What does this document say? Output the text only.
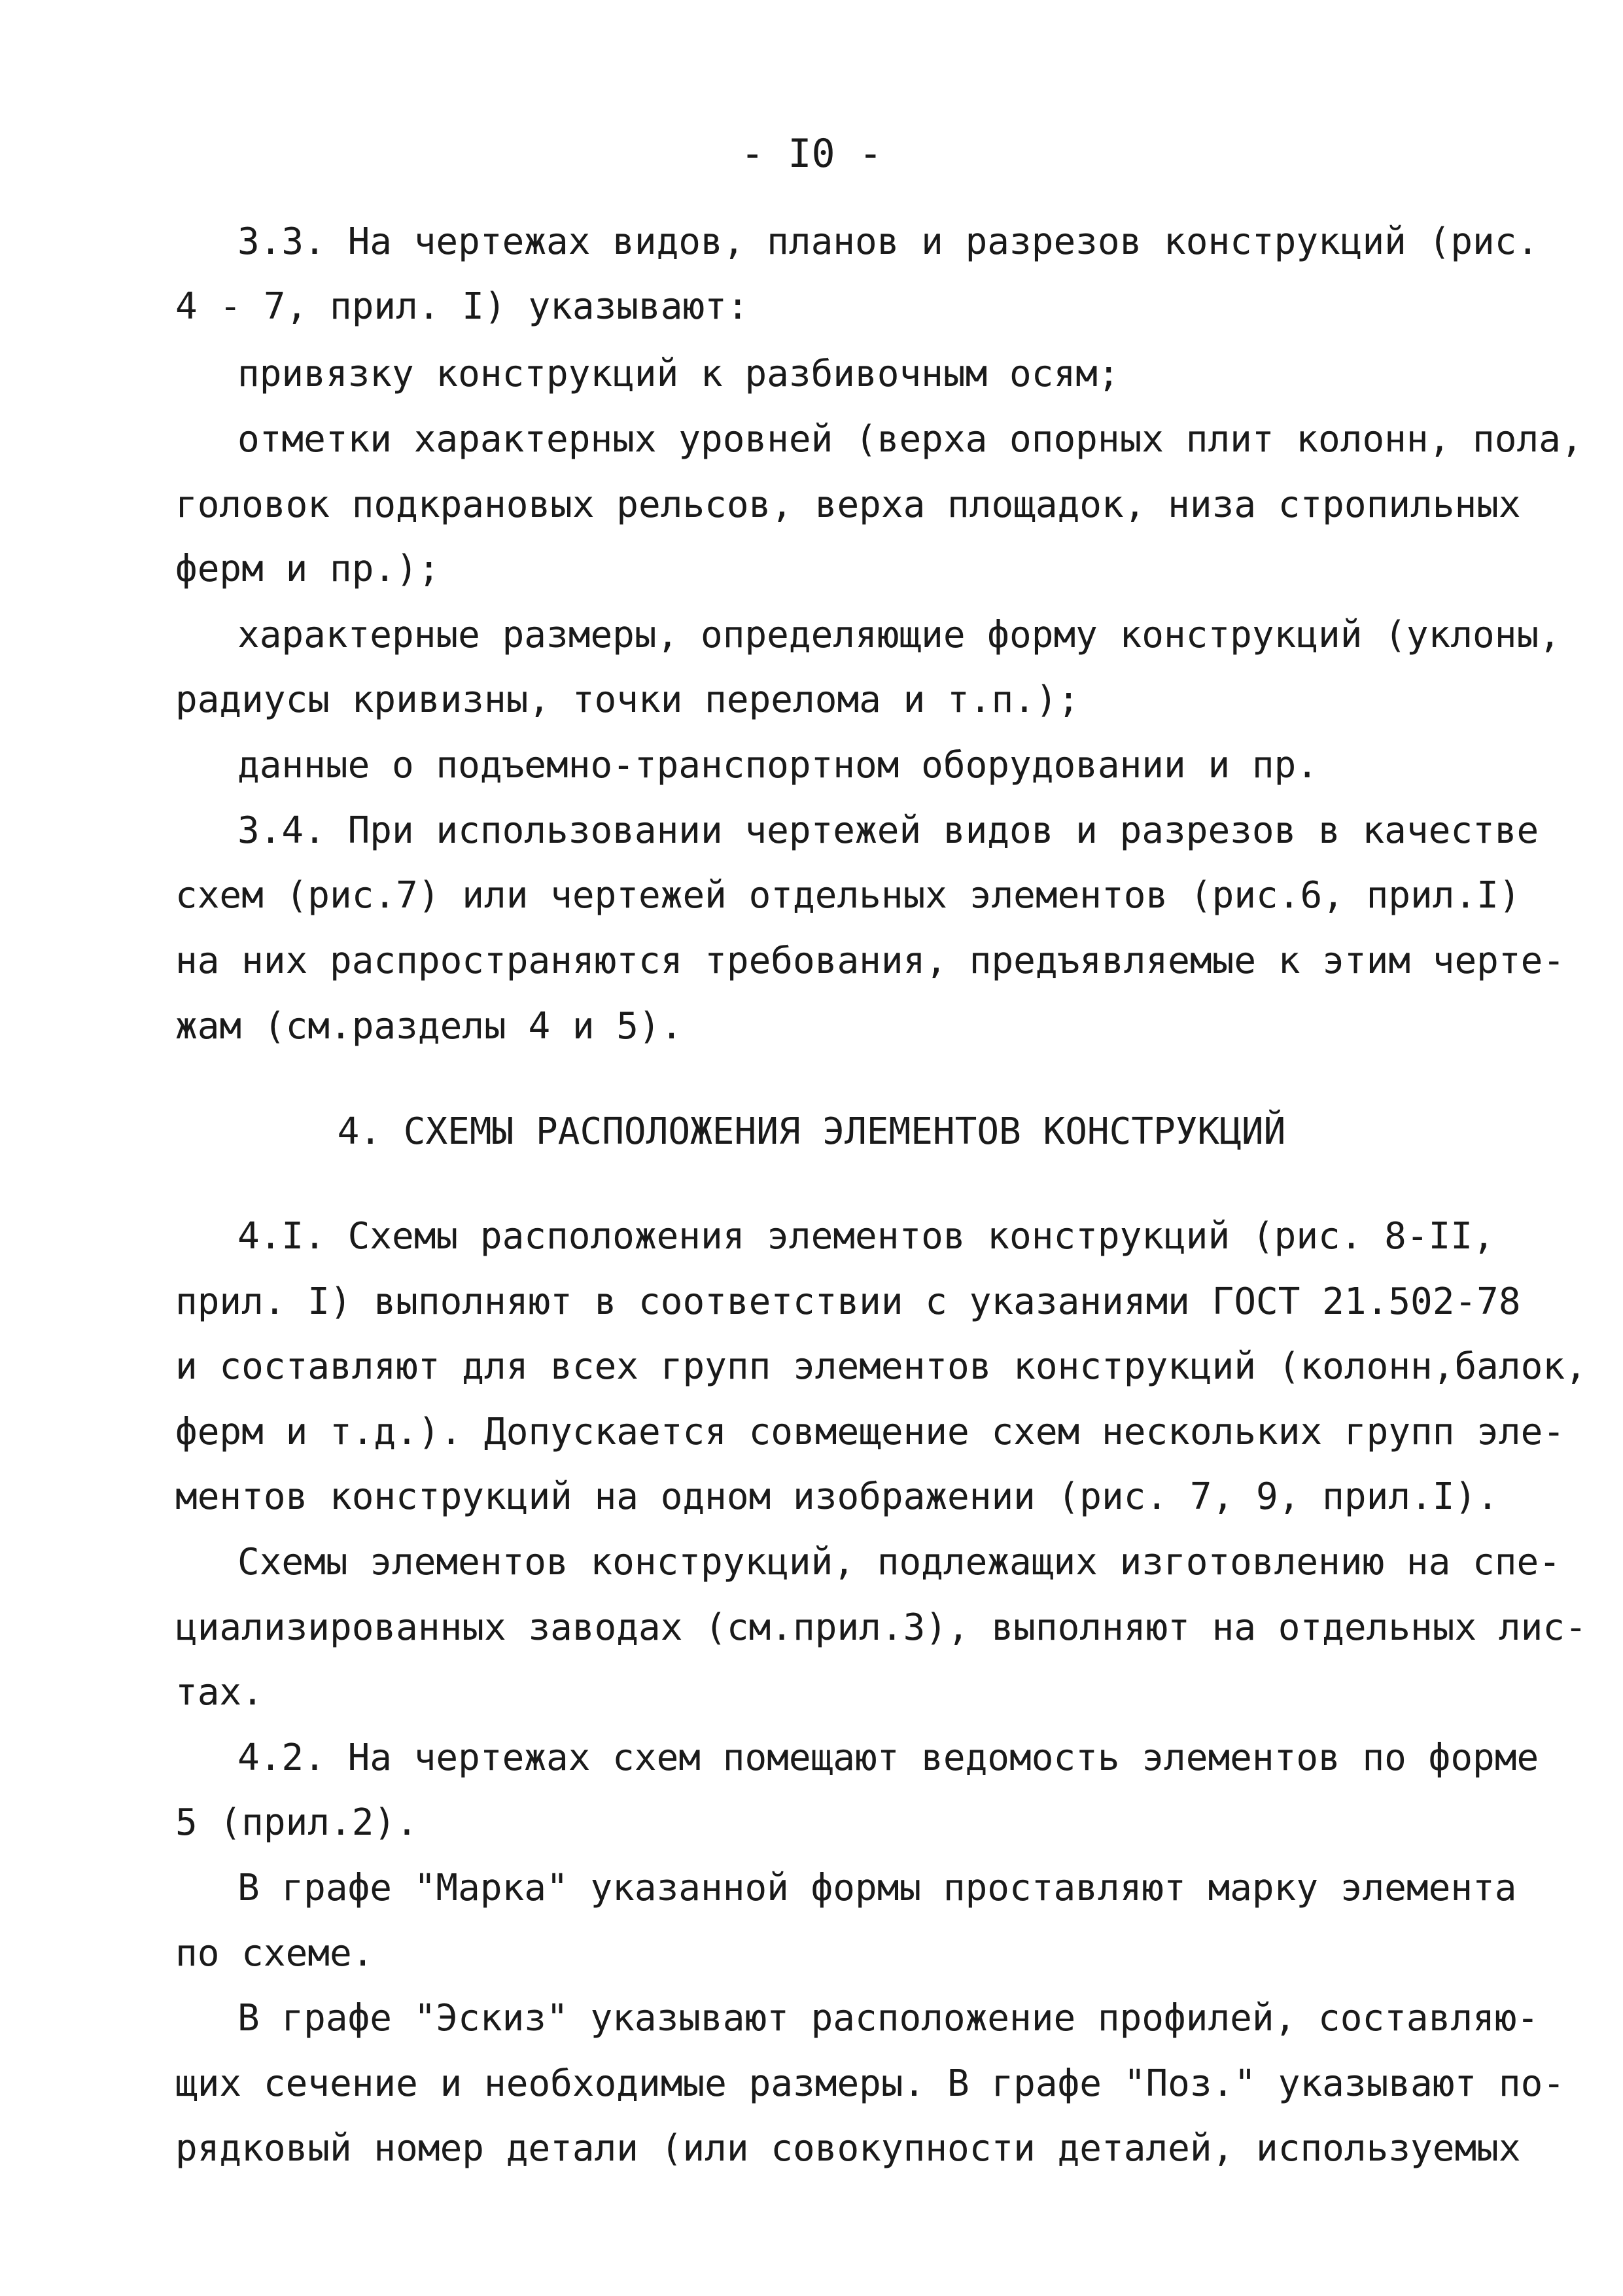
- I0 -
3.3. На чертежах видов, планов и разрезов конструкций (рис.
4 - 7, прил. I) указывают:
привязку конструкций к разбивочным осям;
отметки характерных уровней (верха опорных плит колонн, пола,
головок подкрановых рельсов, верха площадок, низа стропильных
ферм и пр.);
характерные размеры, определяющие форму конструкций (уклоны,
радиусы кривизны, точки перелома и т.п.);
данные о подъемно-транспортном оборудовании и пр.
3.4. При использовании чертежей видов и разрезов в качестве
схем (рис.7) или чертежей отдельных элементов (рис.6, прил.I)
на них распространяются требования, предъявляемые к этим черте-
жам (см.разделы 4 и 5).
4. СХЕМЫ РАСПОЛОЖЕНИЯ ЭЛЕМЕНТОВ КОНСТРУКЦИЙ
4.I. Схемы расположения элементов конструкций (рис. 8-II,
прил. I) выполняют в соответствии с указаниями ГОСТ 21.502-78
и составляют для всех групп элементов конструкций (колонн,балок,
ферм и т.д.). Допускается совмещение схем нескольких групп эле-
ментов конструкций на одном изображении (рис. 7, 9, прил.I).
Схемы элементов конструкций, подлежащих изготовлению на спе-
циализированных заводах (см.прил.3), выполняют на отдельных лис-
тах.
4.2. На чертежах схем помещают ведомость элементов по форме
5 (прил.2).
В графе "Марка" указанной формы проставляют марку элемента
по схеме.
В графе "Эскиз" указывают расположение профилей, составляю-
щих сечение и необходимые размеры. В графе "Поз." указывают по-
рядковый номер детали (или совокупности деталей, используемых
